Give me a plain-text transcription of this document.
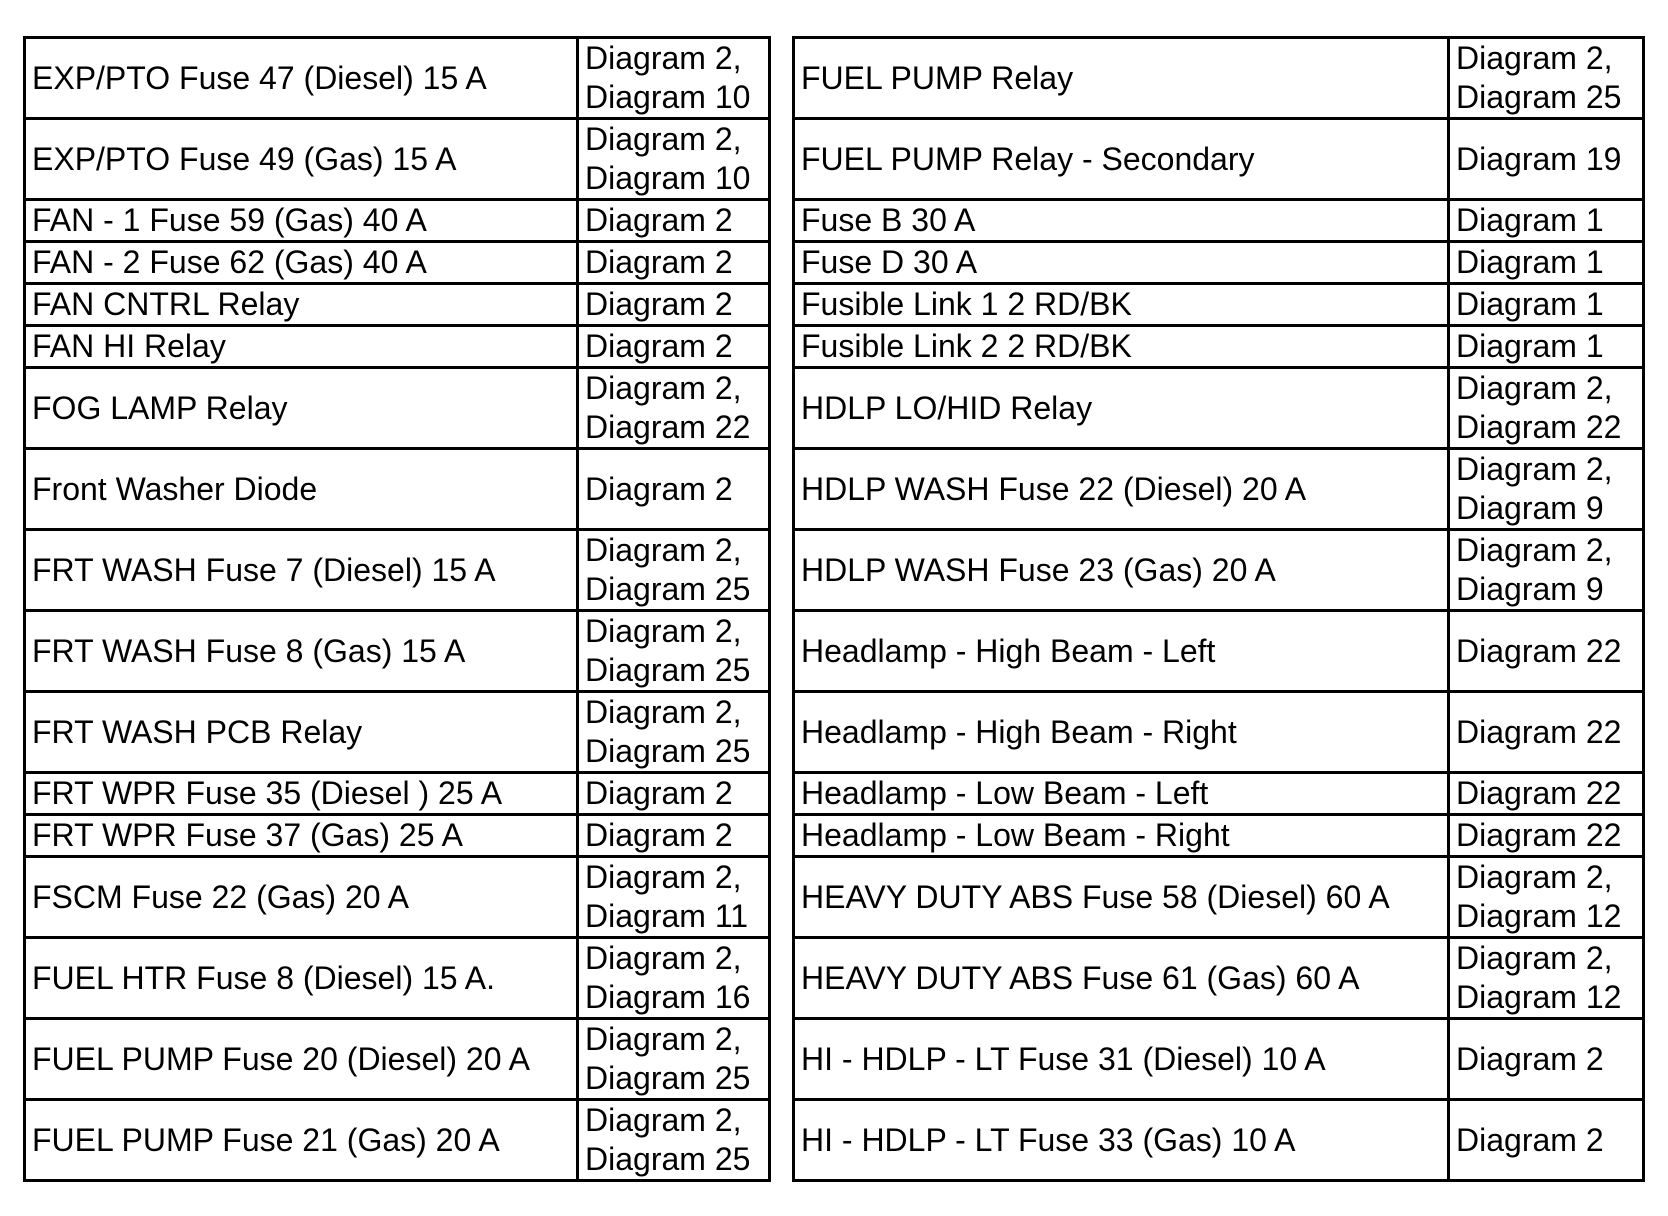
EXP/PTO Fuse 47 (Diesel) 15 A	Diagram 2,
Diagram 10		FUEL PUMP Relay	Diagram 2,
Diagram 25

EXP/PTO Fuse 49 (Gas) 15 A	Diagram 2,
Diagram 10		FUEL PUMP Relay - Secondary	Diagram 19

FAN - 1 Fuse 59 (Gas) 40 A	Diagram 2		Fuse B 30 A	Diagram 1

FAN - 2 Fuse 62 (Gas) 40 A	Diagram 2		Fuse D 30 A	Diagram 1

FAN CNTRL Relay	Diagram 2		Fusible Link 1 2 RD/BK	Diagram 1

FAN HI Relay	Diagram 2		Fusible Link 2 2 RD/BK	Diagram 1

FOG LAMP Relay	Diagram 2,
Diagram 22		HDLP LO/HID Relay	Diagram 2,
Diagram 22

Front Washer Diode	Diagram 2		HDLP WASH Fuse 22 (Diesel) 20 A	Diagram 2,
Diagram 9

FRT WASH Fuse 7 (Diesel) 15 A	Diagram 2,
Diagram 25		HDLP WASH Fuse 23 (Gas) 20 A	Diagram 2,
Diagram 9

FRT WASH Fuse 8 (Gas) 15 A	Diagram 2,
Diagram 25		Headlamp - High Beam - Left	Diagram 22

FRT WASH PCB Relay	Diagram 2,
Diagram 25		Headlamp - High Beam - Right	Diagram 22

FRT WPR Fuse 35 (Diesel ) 25 A	Diagram 2		Headlamp - Low Beam - Left	Diagram 22

FRT WPR Fuse 37 (Gas) 25 A	Diagram 2		Headlamp - Low Beam - Right	Diagram 22

FSCM Fuse 22 (Gas) 20 A	Diagram 2,
Diagram 11		HEAVY DUTY ABS Fuse 58 (Diesel) 60 A	Diagram 2,
Diagram 12

FUEL HTR Fuse 8 (Diesel) 15 A.	Diagram 2,
Diagram 16		HEAVY DUTY ABS Fuse 61 (Gas) 60 A	Diagram 2,
Diagram 12

FUEL PUMP Fuse 20 (Diesel) 20 A	Diagram 2,
Diagram 25		HI - HDLP - LT Fuse 31 (Diesel) 10 A	Diagram 2

FUEL PUMP Fuse 21 (Gas) 20 A	Diagram 2,
Diagram 25		HI - HDLP - LT Fuse 33 (Gas) 10 A	Diagram 2
